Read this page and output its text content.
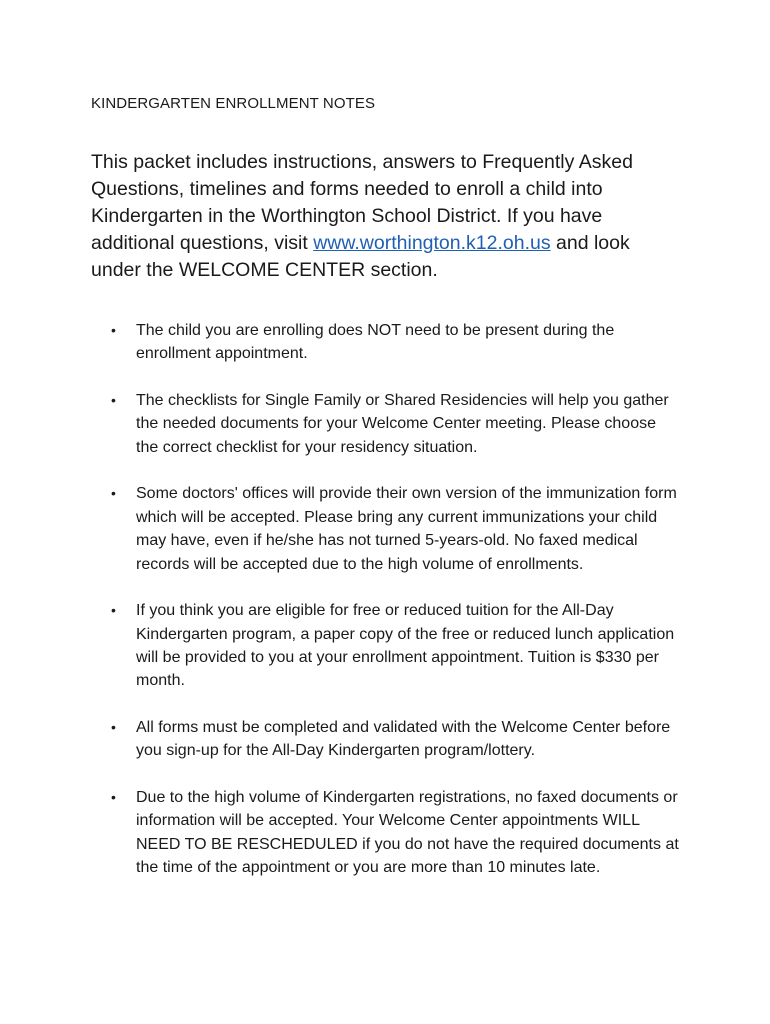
KINDERGARTEN ENROLLMENT NOTES

This packet includes instructions, answers to Frequently Asked Questions, timelines and forms needed to enroll a child into Kindergarten in the Worthington School District. If you have additional questions, visit www.worthington.k12.oh.us and look under the WELCOME CENTER section.

• The child you are enrolling does NOT need to be present during the enrollment appointment.
• The checklists for Single Family or Shared Residencies will help you gather the needed documents for your Welcome Center meeting. Please choose the correct checklist for your residency situation.
• Some doctors' offices will provide their own version of the immunization form which will be accepted. Please bring any current immunizations your child may have, even if he/she has not turned 5-years-old. No faxed medical records will be accepted due to the high volume of enrollments.
• If you think you are eligible for free or reduced tuition for the All-Day Kindergarten program, a paper copy of the free or reduced lunch application will be provided to you at your enrollment appointment. Tuition is $330 per month.
• All forms must be completed and validated with the Welcome Center before you sign-up for the All-Day Kindergarten program/lottery.
• Due to the high volume of Kindergarten registrations, no faxed documents or information will be accepted. Your Welcome Center appointments WILL NEED TO BE RESCHEDULED if you do not have the required documents at the time of the appointment or you are more than 10 minutes late.
